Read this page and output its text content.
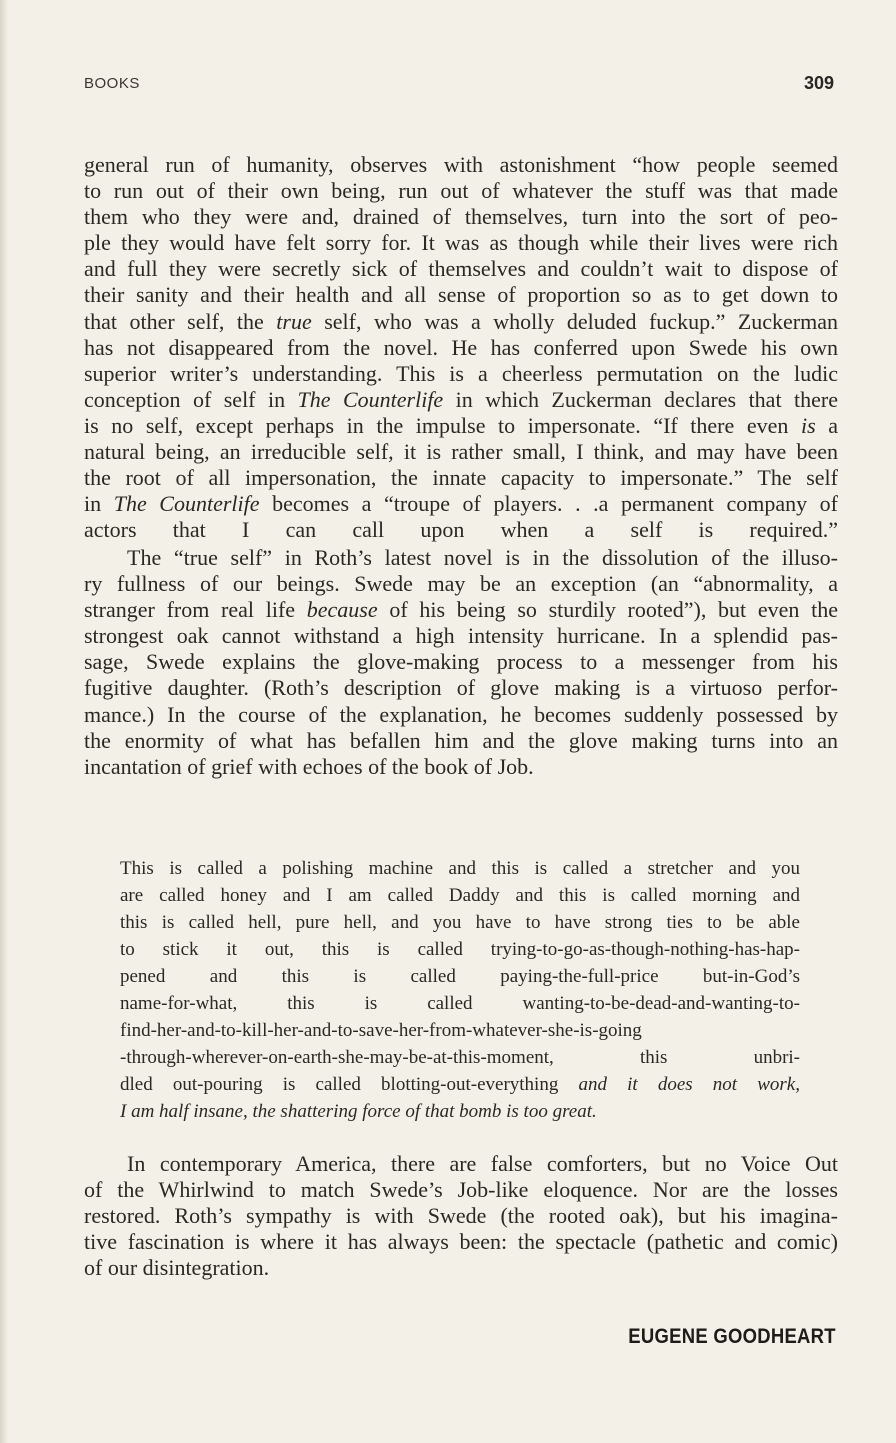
BOOKS	309
general run of humanity, observes with astonishment “how people seemed
to run out of their own being, run out of whatever the stuff was that made
them who they were and, drained of themselves, turn into the sort of peo-
ple they would have felt sorry for. It was as though while their lives were rich
and full they were secretly sick of themselves and couldn’t wait to dispose of
their sanity and their health and all sense of proportion so as to get down to
that other self, the true self, who was a wholly deluded fuckup.” Zuckerman
has not disappeared from the novel. He has conferred upon Swede his own
superior writer’s understanding. This is a cheerless permutation on the ludic
conception of self in The Counterlife in which Zuckerman declares that there
is no self, except perhaps in the impulse to impersonate. “If there even is a
natural being, an irreducible self, it is rather small, I think, and may have been
the root of all impersonation, the innate capacity to impersonate.” The self
in The Counterlife becomes a “troupe of players. . .a permanent company of
actors that I can call upon when a self is required.”
The “true self” in Roth’s latest novel is in the dissolution of the illuso-
ry fullness of our beings. Swede may be an exception (an “abnormality, a
stranger from real life because of his being so sturdily rooted”), but even the
strongest oak cannot withstand a high intensity hurricane. In a splendid pas-
sage, Swede explains the glove-making process to a messenger from his
fugitive daughter. (Roth’s description of glove making is a virtuoso perfor-
mance.) In the course of the explanation, he becomes suddenly possessed by
the enormity of what has befallen him and the glove making turns into an
incantation of grief with echoes of the book of Job.
This is called a polishing machine and this is called a stretcher and you
are called honey and I am called Daddy and this is called morning and
this is called hell, pure hell, and you have to have strong ties to be able
to stick it out, this is called trying-to-go-as-though-nothing-has-hap-
pened and this is called paying-the-full-price but-in-God’s
name-for-what, this is called wanting-to-be-dead-and-wanting-to-
find-her-and-to-kill-her-and-to-save-her-from-whatever-she-is-going
-through-wherever-on-earth-she-may-be-at-this-moment, this unbri-
dled out-pouring is called blotting-out-everything and it does not work,
I am half insane, the shattering force of that bomb is too great.
In contemporary America, there are false comforters, but no Voice Out
of the Whirlwind to match Swede’s Job-like eloquence. Nor are the losses
restored. Roth’s sympathy is with Swede (the rooted oak), but his imagina-
tive fascination is where it has always been: the spectacle (pathetic and comic)
of our disintegration.
EUGENE GOODHEART
